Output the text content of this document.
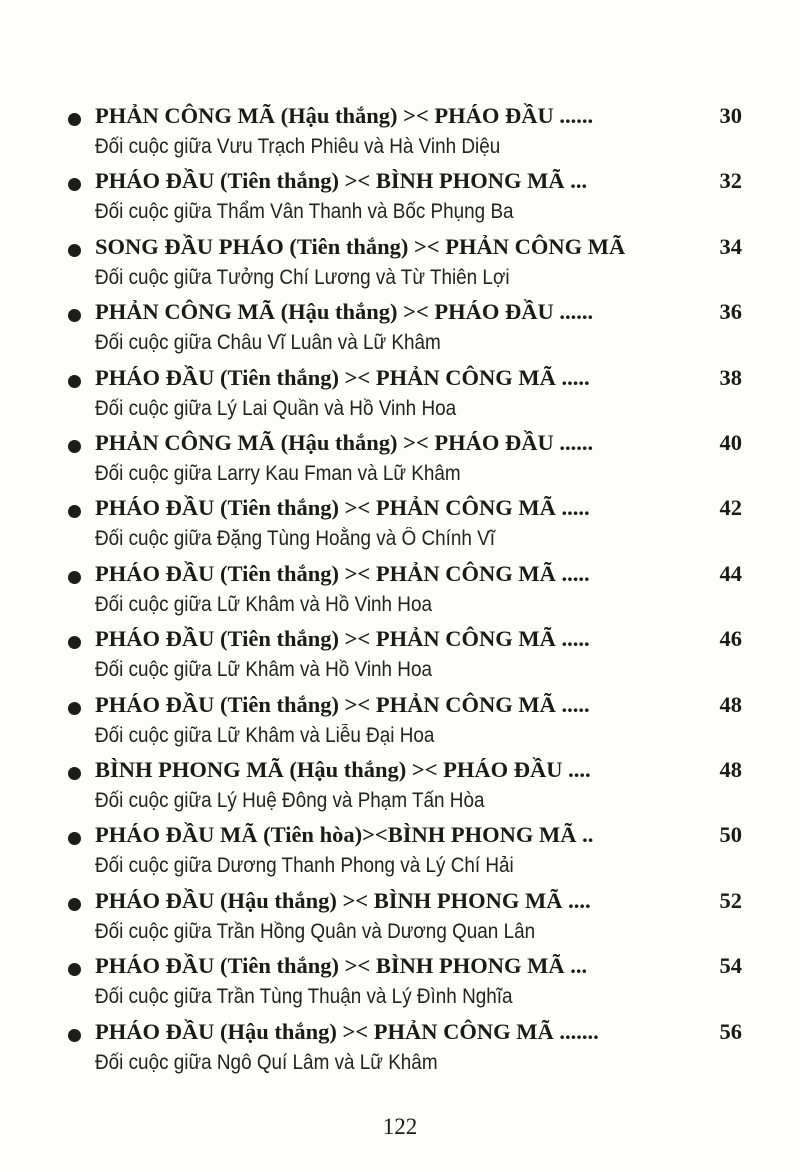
PHẢN CÔNG MÃ (Hậu thắng) >< PHÁO ĐẦU ......	30
Đối cuộc giữa Vưu Trạch Phiêu và Hà Vinh Diệu
PHÁO ĐẦU (Tiên thắng) >< BÌNH PHONG MÃ ...	32
Đối cuộc giữa Thẩm Vân Thanh và Bốc Phụng Ba
SONG ĐẦU PHÁO (Tiên thắng) >< PHẢN CÔNG MÃ	34
Đối cuộc giữa Tưởng Chí Lương và Từ Thiên Lợi
PHẢN CÔNG MÃ (Hậu thắng) >< PHÁO ĐẦU ......	36
Đối cuộc giữa Châu Vĩ Luân và Lữ Khâm
PHÁO ĐẦU (Tiên thắng) >< PHẢN CÔNG MÃ .....	38
Đối cuộc giữa Lý Lai Quần và Hồ Vinh Hoa
PHẢN CÔNG MÃ (Hậu thắng) >< PHÁO ĐẦU ......	40
Đối cuộc giữa Larry Kau Fman và Lữ Khâm
PHÁO ĐẦU (Tiên thắng) >< PHẢN CÔNG MÃ .....	42
Đối cuộc giữa Đặng Tùng Hoằng và Ô Chính Vĩ
PHÁO ĐẦU (Tiên thắng) >< PHẢN CÔNG MÃ .....	44
Đối cuộc giữa Lữ Khâm và Hồ Vinh Hoa
PHÁO ĐẦU (Tiên thắng) >< PHẢN CÔNG MÃ .....	46
Đối cuộc giữa Lữ Khâm và Hồ Vinh Hoa
PHÁO ĐẦU (Tiên thắng) >< PHẢN CÔNG MÃ .....	48
Đối cuộc giữa Lữ Khâm và Liễu Đại Hoa
BÌNH PHONG MÃ (Hậu thắng) >< PHÁO ĐẦU ....	48
Đối cuộc giữa Lý Huệ Đông và Phạm Tấn Hòa
PHÁO ĐẦU MÃ (Tiên hòa)><BÌNH PHONG MÃ ..	50
Đối cuộc giữa Dương Thanh Phong và Lý Chí Hải
PHÁO ĐẦU (Hậu thắng) >< BÌNH PHONG MÃ ....	52
Đối cuộc giữa Trần Hồng Quân và Dương Quan Lân
PHÁO ĐẦU (Tiên thắng) >< BÌNH PHONG MÃ ...	54
Đối cuộc giữa Trần Tùng Thuận và Lý Đình Nghĩa
PHÁO ĐẦU (Hậu thắng) >< PHẢN CÔNG MÃ .......	56
Đối cuộc giữa Ngô Quí Lâm và Lữ Khâm
122
